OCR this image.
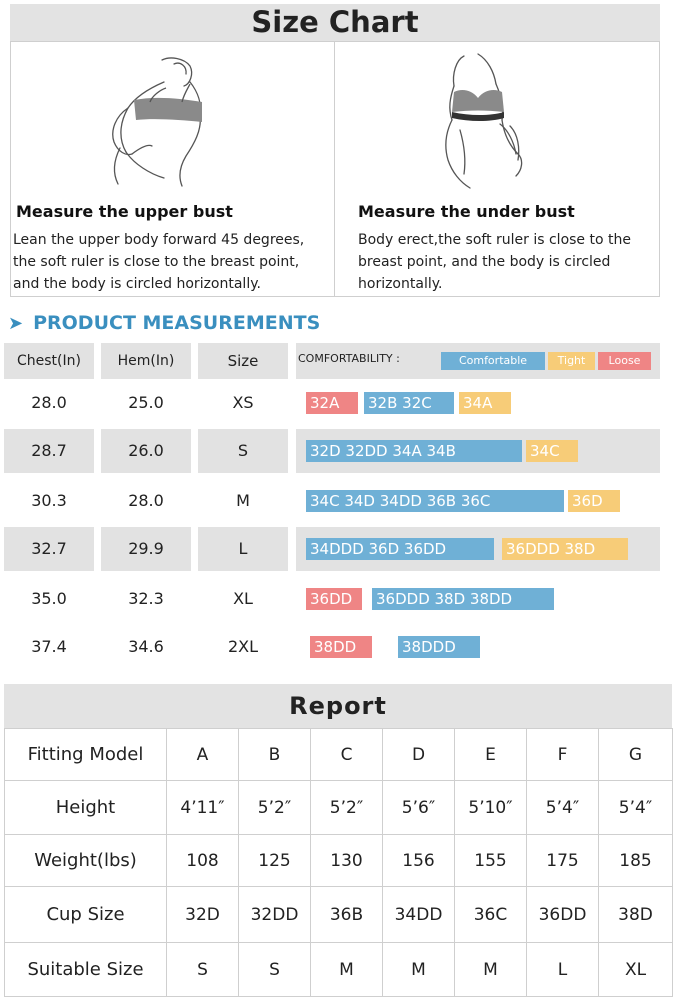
Size Chart
Measure the upper bust
Lean the upper body forward 45 degrees,
the soft ruler is close to the breast point,
and the body is circled horizontally.
Measure the under bust
Body erect,the soft ruler is close to the
breast point, and the body is circled
horizontally.
➤ PRODUCT MEASUREMENTS
Chest(In)	Hem(In)	Size	COMFORTABILITY :	Comfortable	Tight	Loose
28.0	25.0	XS	32A	32B 32C	34A
28.7	26.0	S	32D 32DD 34A 34B	34C
30.3	28.0	M	34C 34D 34DD 36B 36C	36D
32.7	29.9	L	34DDD 36D 36DD	36DDD 38D
35.0	32.3	XL	36DD	36DDD 38D 38DD
37.4	34.6	2XL	38DD	38DDD
Report
Fitting Model	A	B	C	D	E	F	G
Height	4’11″	5’2″	5’2″	5’6″	5’10″	5’4″	5’4″
Weight(lbs)	108	125	130	156	155	175	185
Cup Size	32D	32DD	36B	34DD	36C	36DD	38D
Suitable Size	S	S	M	M	M	L	XL
